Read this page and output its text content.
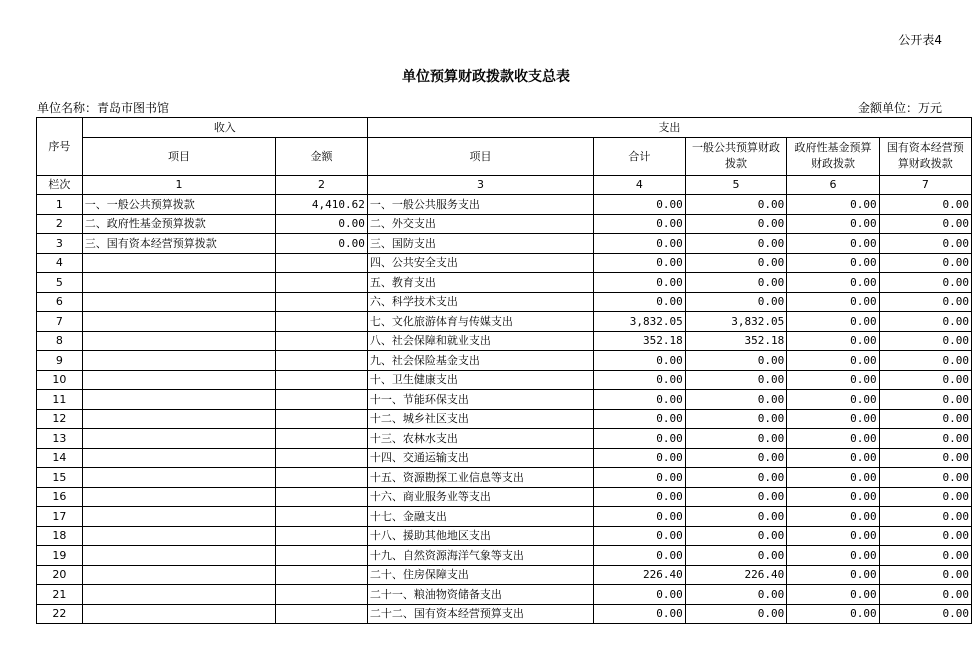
公开表4
单位预算财政拨款收支总表
单位名称：青岛市图书馆	金额单位：万元
序号	收入		支出				
	项目	金额	项目	合计	一般公共预算财政拨款	政府性基金预算财政拨款	国有资本经营预算财政拨款
栏次	1	2	3	4	5	6	7
1	一、一般公共预算拨款	4,410.62	一、一般公共服务支出	0.00	0.00	0.00	0.00
2	二、政府性基金预算拨款	0.00	二、外交支出	0.00	0.00	0.00	0.00
3	三、国有资本经营预算拨款	0.00	三、国防支出	0.00	0.00	0.00	0.00
4			四、公共安全支出	0.00	0.00	0.00	0.00
5			五、教育支出	0.00	0.00	0.00	0.00
6			六、科学技术支出	0.00	0.00	0.00	0.00
7			七、文化旅游体育与传媒支出	3,832.05	3,832.05	0.00	0.00
8			八、社会保障和就业支出	352.18	352.18	0.00	0.00
9			九、社会保险基金支出	0.00	0.00	0.00	0.00
10			十、卫生健康支出	0.00	0.00	0.00	0.00
11			十一、节能环保支出	0.00	0.00	0.00	0.00
12			十二、城乡社区支出	0.00	0.00	0.00	0.00
13			十三、农林水支出	0.00	0.00	0.00	0.00
14			十四、交通运输支出	0.00	0.00	0.00	0.00
15			十五、资源勘探工业信息等支出	0.00	0.00	0.00	0.00
16			十六、商业服务业等支出	0.00	0.00	0.00	0.00
17			十七、金融支出	0.00	0.00	0.00	0.00
18			十八、援助其他地区支出	0.00	0.00	0.00	0.00
19			十九、自然资源海洋气象等支出	0.00	0.00	0.00	0.00
20			二十、住房保障支出	226.40	226.40	0.00	0.00
21			二十一、粮油物资储备支出	0.00	0.00	0.00	0.00
22			二十二、国有资本经营预算支出	0.00	0.00	0.00	0.00
